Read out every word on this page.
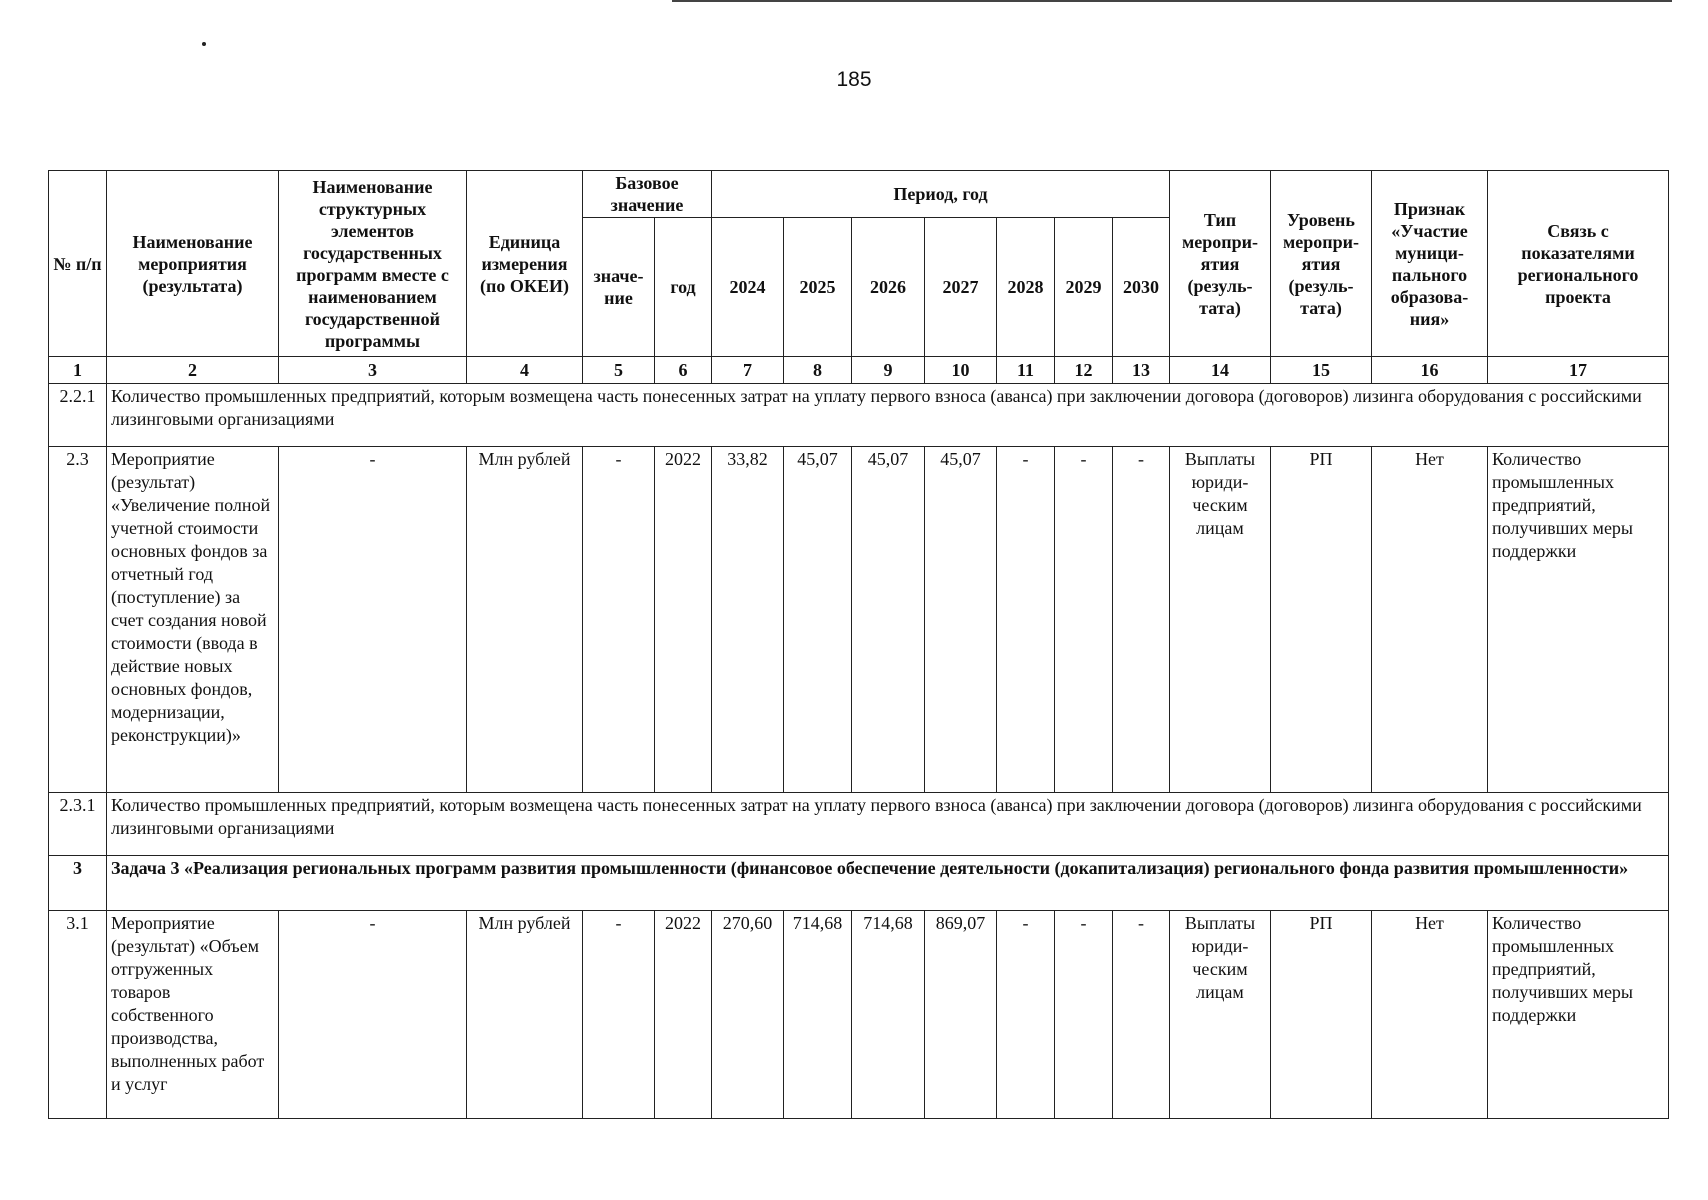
185
№ п/п	Наименование мероприятия (результата)	Наименование структурных элементов государственных программ вместе с наименованием государственной программы	Единица измерения (по ОКЕИ)	Базовое значение		Период, год							Тип меропри-ятия (резуль-тата)	Уровень меропри-ятия (резуль-тата)	Признак «Участие муници-пального образова-ния»	Связь с показателями регионального проекта
				значе-ние	год	2024	2025	2026	2027	2028	2029	2030				
1	2	3	4	5	6	7	8	9	10	11	12	13	14	15	16	17
2.2.1	Количество промышленных предприятий, которым возмещена часть понесенных затрат на уплату первого взноса (аванса) при заключении договора (договоров) лизинга оборудования с российскими лизинговыми организациями															
2.3	Мероприятие (результат) «Увеличение полной учетной стоимости основных фондов за отчетный год (поступление) за счет создания новой стоимости (ввода в действие новых основных фондов, модернизации, реконструкции)»	-	Млн рублей	-	2022	33,82	45,07	45,07	45,07	-	-	-	Выплаты юриди-ческим лицам	РП	Нет	Количество промышленных предприятий, получивших меры поддержки
2.3.1	Количество промышленных предприятий, которым возмещена часть понесенных затрат на уплату первого взноса (аванса) при заключении договора (договоров) лизинга оборудования с российскими лизинговыми организациями															
3	Задача 3 «Реализация региональных программ развития промышленности (финансовое обеспечение деятельности (докапитализация) регионального фонда развития промышленности»															
3.1	Мероприятие (результат) «Объем отгруженных товаров собственного производства, выполненных работ и услуг	-	Млн рублей	-	2022	270,60	714,68	714,68	869,07	-	-	-	Выплаты юриди-ческим лицам	РП	Нет	Количество промышленных предприятий, получивших меры поддержки
